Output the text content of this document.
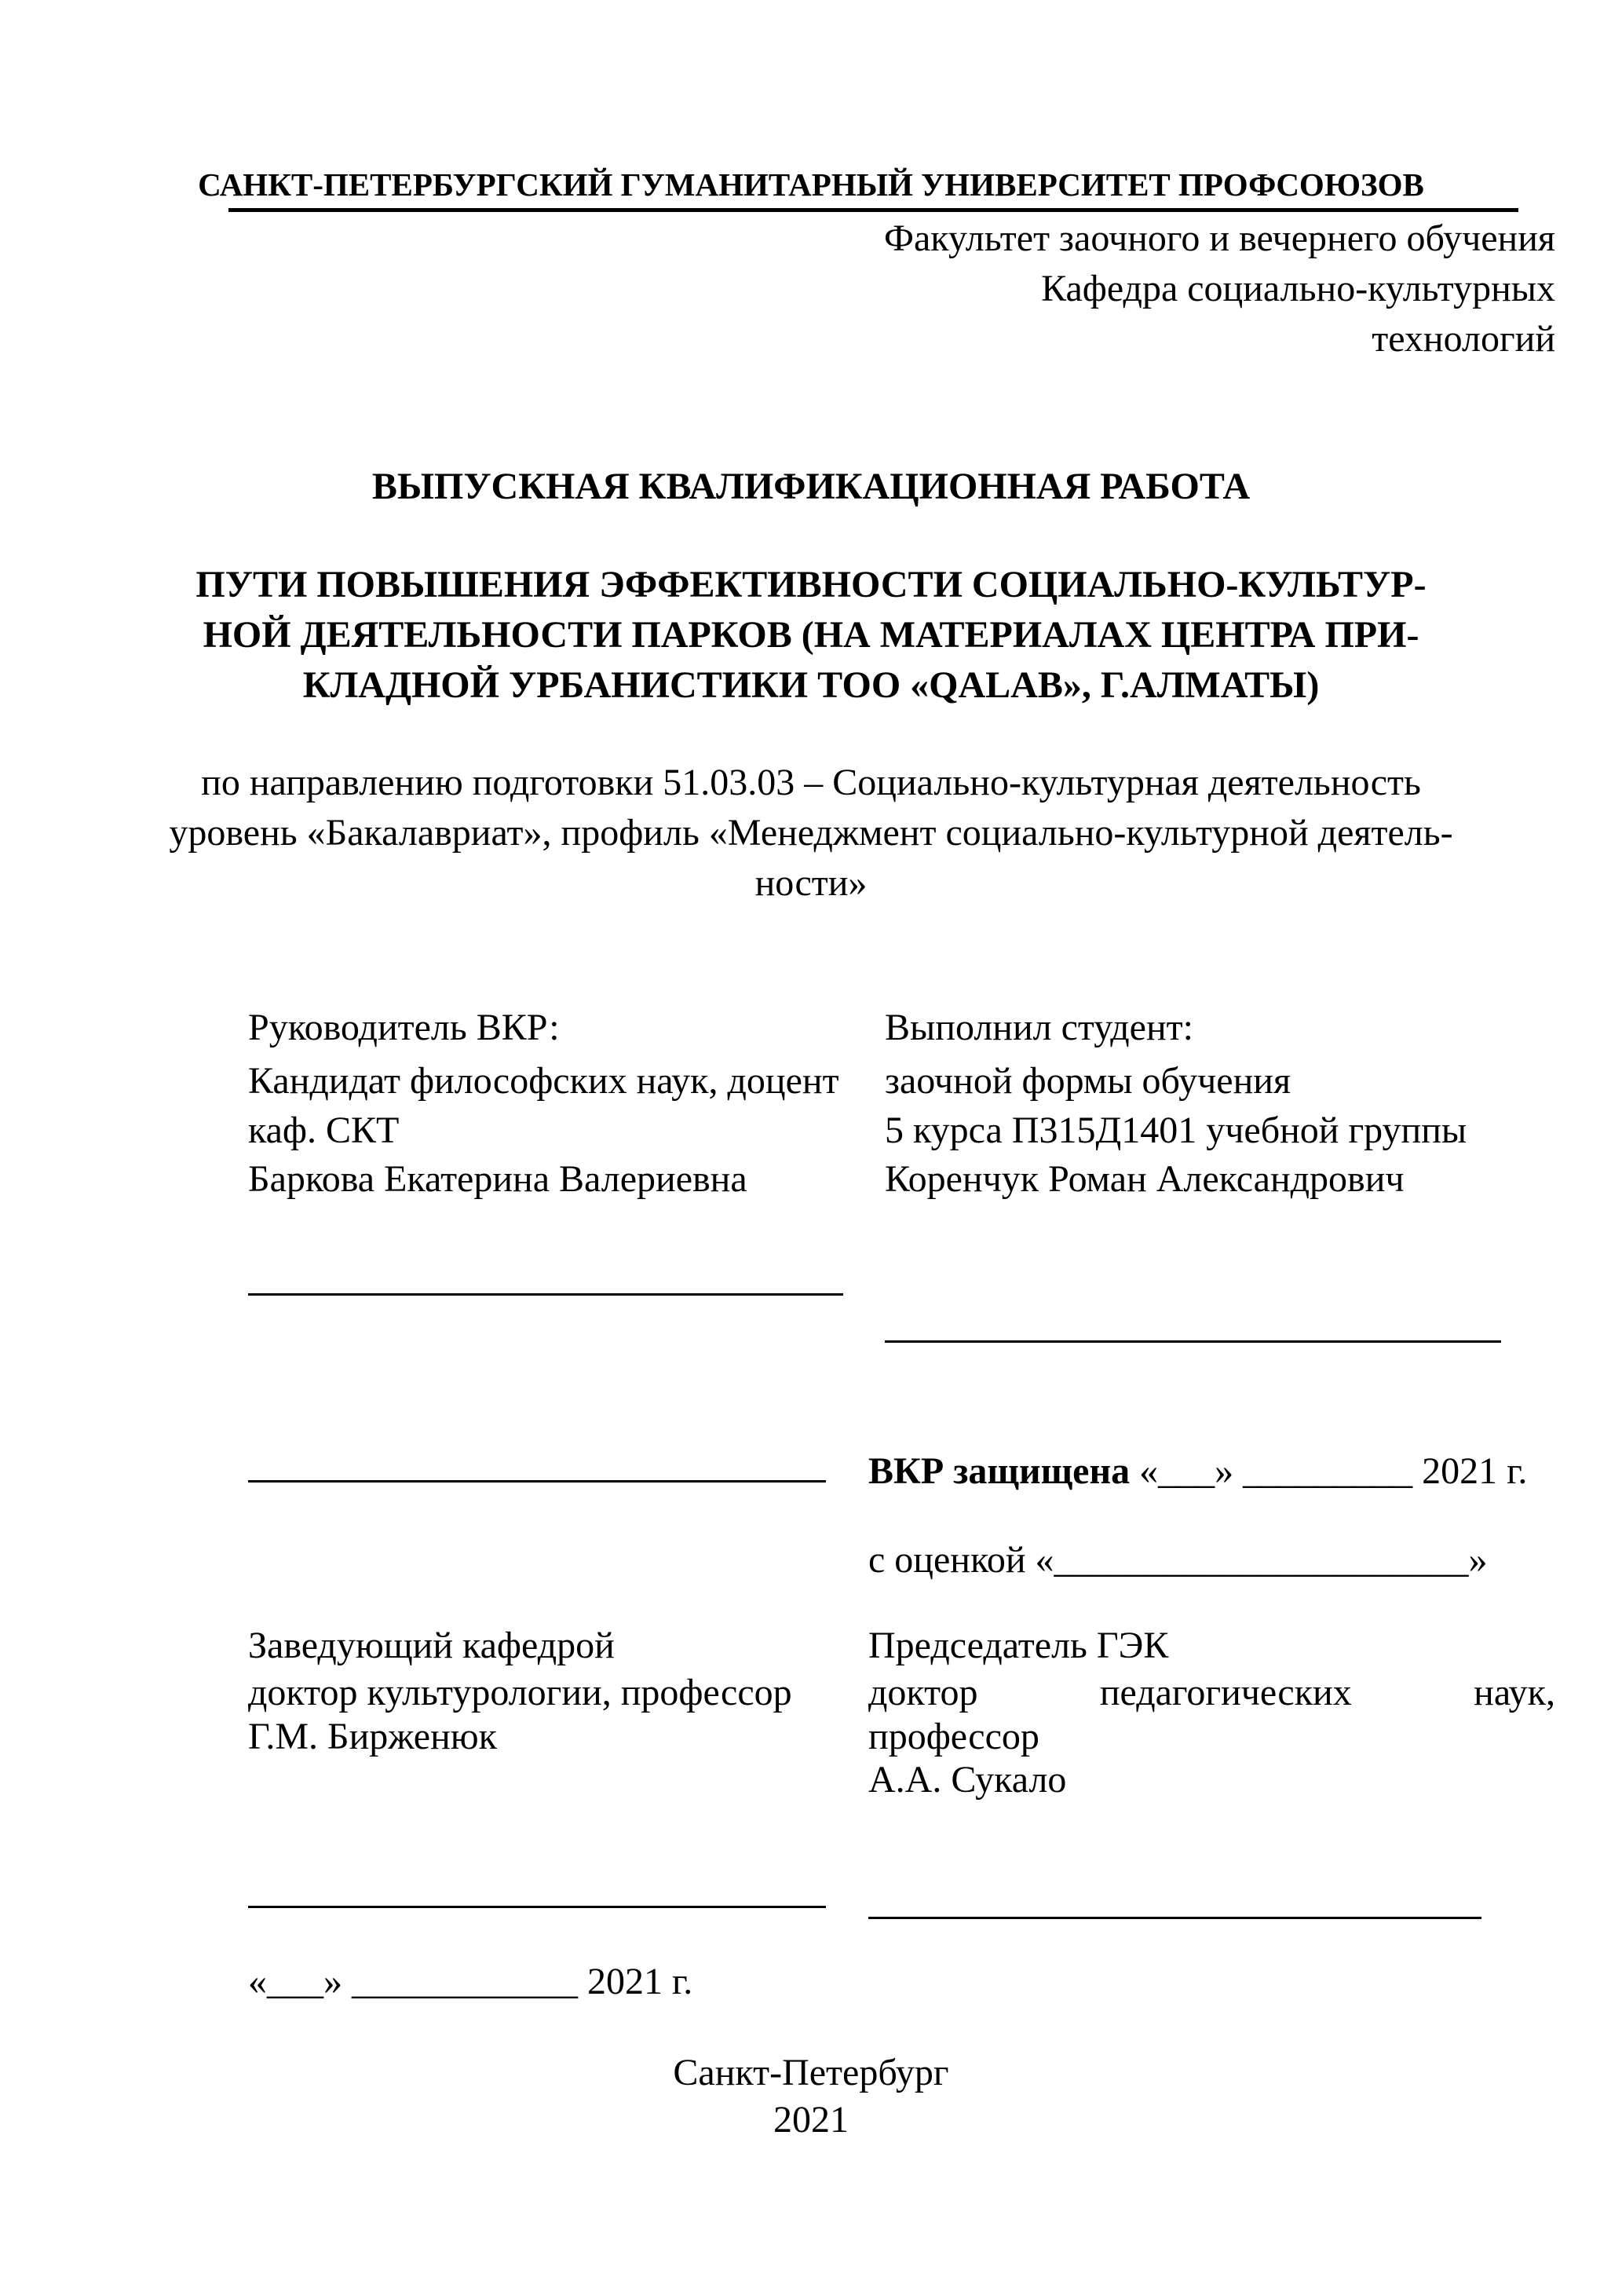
САНКТ-ПЕТЕРБУРГСКИЙ ГУМАНИТАРНЫЙ УНИВЕРСИТЕТ ПРОФСОЮЗОВ
Факультет заочного и вечернего обучения
Кафедра социально-культурных
технологий
ВЫПУСКНАЯ КВАЛИФИКАЦИОННАЯ РАБОТА
ПУТИ ПОВЫШЕНИЯ ЭФФЕКТИВНОСТИ СОЦИАЛЬНО-КУЛЬТУР-
НОЙ ДЕЯТЕЛЬНОСТИ ПАРКОВ (НА МАТЕРИАЛАХ ЦЕНТРА ПРИ-
КЛАДНОЙ УРБАНИСТИКИ ТОО «QALAB», Г.АЛМАТЫ)
по направлению подготовки 51.03.03 – Социально-культурная деятельность
уровень «Бакалавриат», профиль «Менеджмент социально-культурной деятель-
ности»
Руководитель ВКР:
Кандидат философских наук, доцент
каф. СКТ
Баркова Екатерина Валериевна
Выполнил студент:
заочной формы обучения
5 курса П315Д1401 учебной группы
Коренчук Роман Александрович
ВКР защищена «___» _________ 2021 г.
с оценкой «______________________»
Заведующий кафедрой
доктор культурологии, профессор
Г.М. Бирженюк
Председатель ГЭК
доктор педагогических наук,
профессор
А.А. Сукало
«___» ____________ 2021 г.
Санкт-Петербург
2021
